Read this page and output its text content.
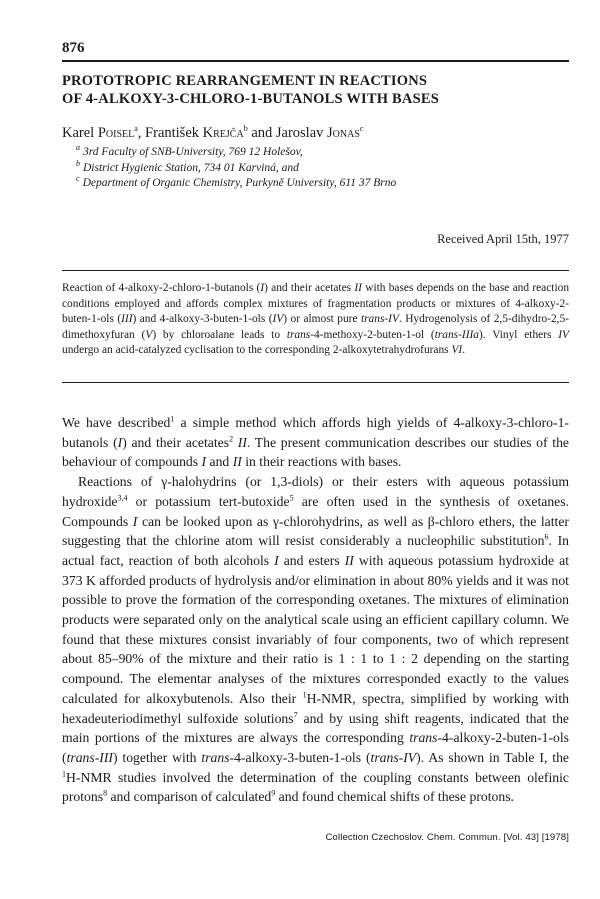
876
PROTOTROPIC REARRANGEMENT IN REACTIONS
OF 4-ALKOXY-3-CHLORO-1-BUTANOLS WITH BASES
Karel Poisel$^a$, František Krejča$^b$ and Jaroslav Jonas$^c$
$^a$ 3rd Faculty of SNB-University, 769 12 Holešov,
$^b$ District Hygienic Station, 734 01 Karviná, and
$^c$ Department of Organic Chemistry, Purkyně University, 611 37 Brno
Received April 15th, 1977

Reaction of 4-alkoxy-2-chloro-1-butanols (I) and their acetates II with bases depends on the base and reaction conditions employed and affords complex mixtures of fragmentation products or mixtures of 4-alkoxy-2-buten-1-ols (III) and 4-alkoxy-3-buten-1-ols (IV) or almost pure trans-IV. Hydrogenolysis of 2,5-dihydro-2,5-dimethoxyfuran (V) by chloroalane leads to trans-4-methoxy-2-buten-1-ol (trans-IIIa). Vinyl ethers IV undergo an acid-catalyzed cyclisation to the corresponding 2-alkoxytetrahydrofurans VI.

We have described$^1$ a simple method which affords high yields of 4-alkoxy-3-chloro-1-butanols (I) and their acetates$^2$ II. The present communication describes our studies of the behaviour of compounds I and II in their reactions with bases.

Reactions of γ-halohydrins (or 1,3-diols) or their esters with aqueous potassium hydroxide$^{3,4}$ or potassium tert-butoxide$^5$ are often used in the synthesis of oxetanes. Compounds I can be looked upon as γ-chlorohydrins, as well as β-chloro ethers, the latter suggesting that the chlorine atom will resist considerably a nucleophilic substitution$^6$. In actual fact, reaction of both alcohols I and esters II with aqueous potassium hydroxide at 373 K afforded products of hydrolysis and/or elimination in about 80% yields and it was not possible to prove the formation of the corresponding oxetanes. The mixtures of elimination products were separated only on the analytical scale using an efficient capillary column. We found that these mixtures consist invariably of four components, two of which represent about 85–90% of the mixture and their ratio is 1 : 1 to 1 : 2 depending on the starting compound. The elementar analyses of the mixtures corresponded exactly to the values calculated for alkoxybutenols. Also their $^1$H-NMR, spectra, simplified by working with hexadeuteriodimethyl sulfoxide solutions$^7$ and by using shift reagents, indicated that the main portions of the mixtures are always the corresponding trans-4-alkoxy-2-buten-1-ols (trans-III) together with trans-4-alkoxy-3-buten-1-ols (trans-IV). As shown in Table I, the $^1$H-NMR studies involved the determination of the coupling constants between olefinic protons$^8$ and comparison of calculated$^9$ and found chemical shifts of these protons.

Collection Czechoslov. Chem. Commun. [Vol. 43] [1978]
